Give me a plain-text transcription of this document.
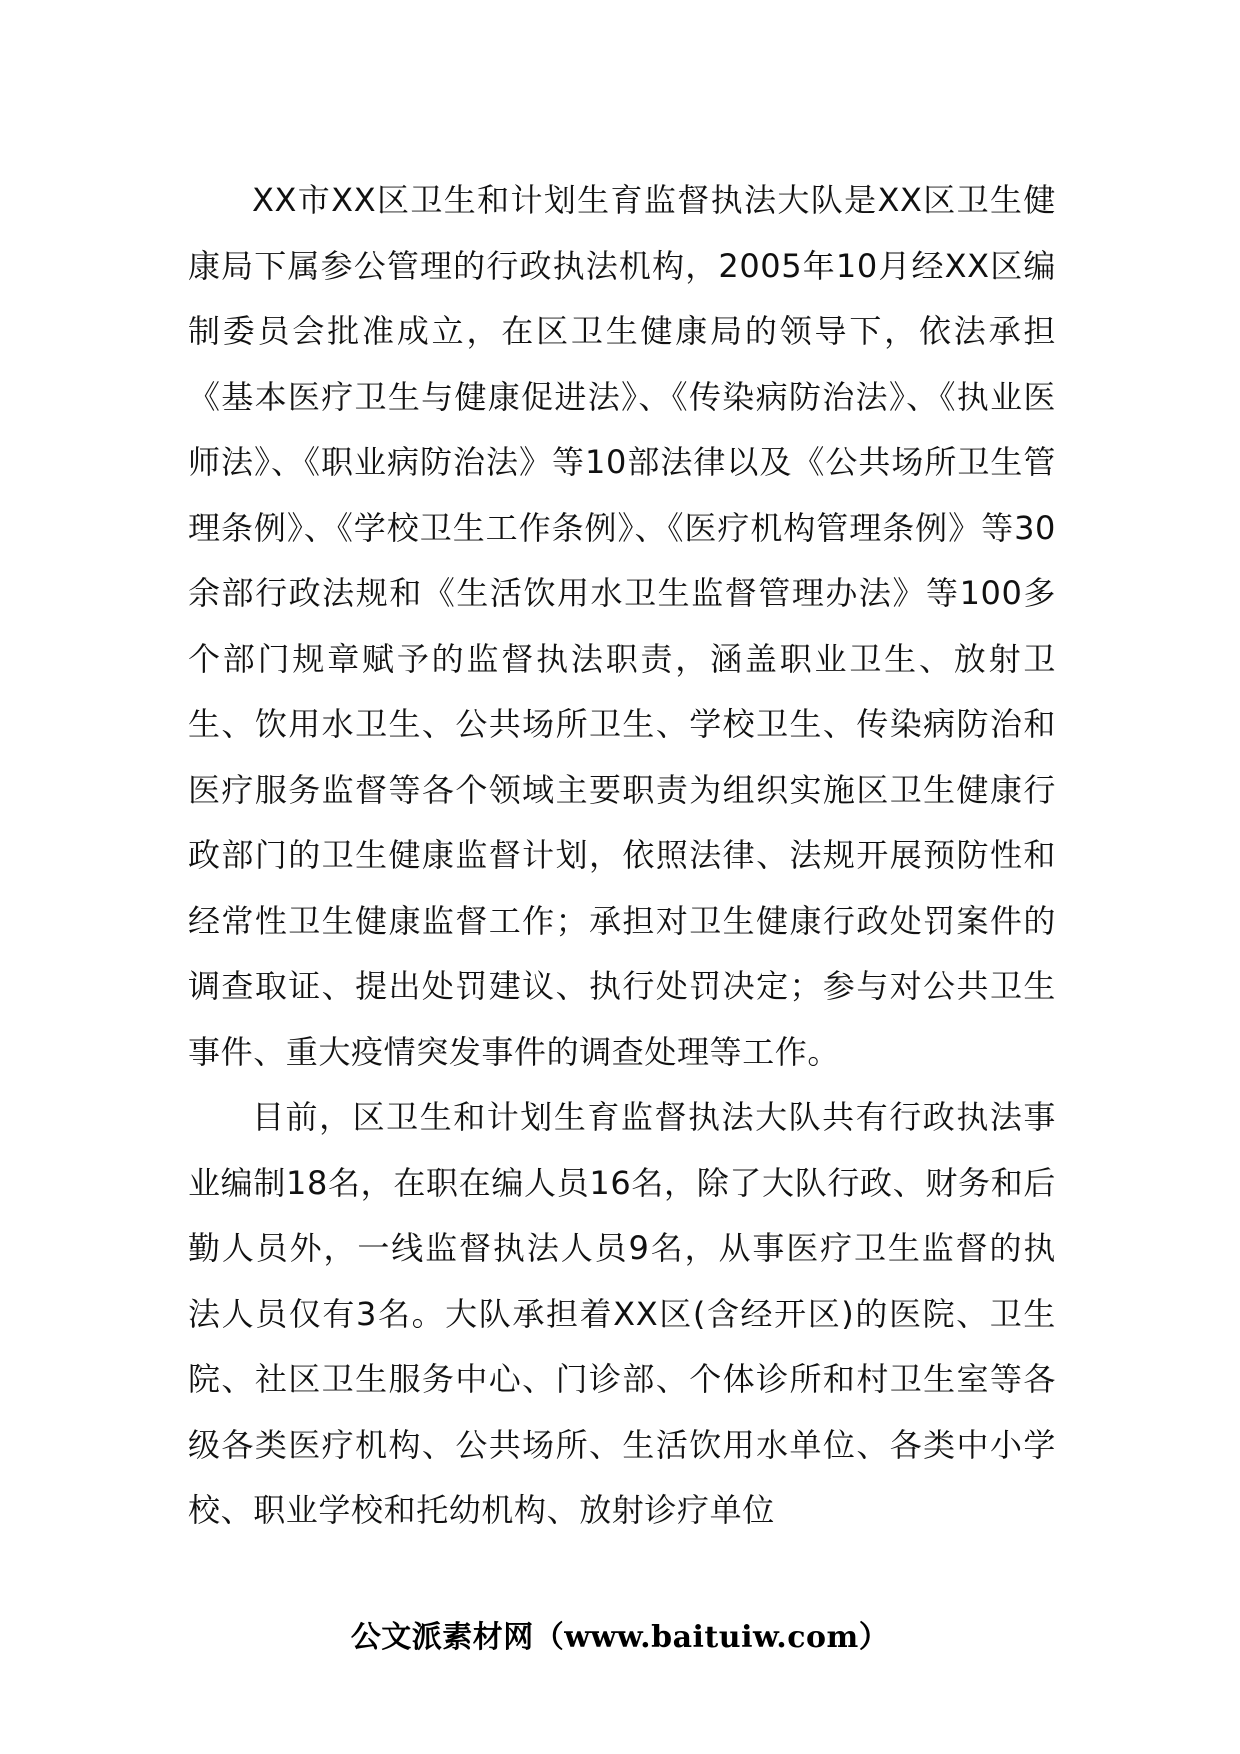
XX市XX区卫生和计划生育监督执法大队是XX区卫生健康局下属参公管理的行政执法机构，2005年10月经XX区编制委员会批准成立，在区卫生健康局的领导下，依法承担《基本医疗卫生与健康促进法》、《传染病防治法》、《执业医师法》、《职业病防治法》等10部法律以及《公共场所卫生管理条例》、《学校卫生工作条例》、《医疗机构管理条例》等30余部行政法规和《生活饮用水卫生监督管理办法》等100多个部门规章赋予的监督执法职责，涵盖职业卫生、放射卫生、饮用水卫生、公共场所卫生、学校卫生、传染病防治和医疗服务监督等各个领域主要职责为组织实施区卫生健康行政部门的卫生健康监督计划，依照法律、法规开展预防性和经常性卫生健康监督工作；承担对卫生健康行政处罚案件的调查取证、提出处罚建议、执行处罚决定；参与对公共卫生事件、重大疫情突发事件的调查处理等工作。

目前，区卫生和计划生育监督执法大队共有行政执法事业编制18名，在职在编人员16名，除了大队行政、财务和后勤人员外，一线监督执法人员9名，从事医疗卫生监督的执法人员仅有3名。大队承担着XX区(含经开区)的医院、卫生院、社区卫生服务中心、门诊部、个体诊所和村卫生室等各级各类医疗机构、公共场所、生活饮用水单位、各类中小学校、职业学校和托幼机构、放射诊疗单位

公文派素材网（www.baituiw.com）
